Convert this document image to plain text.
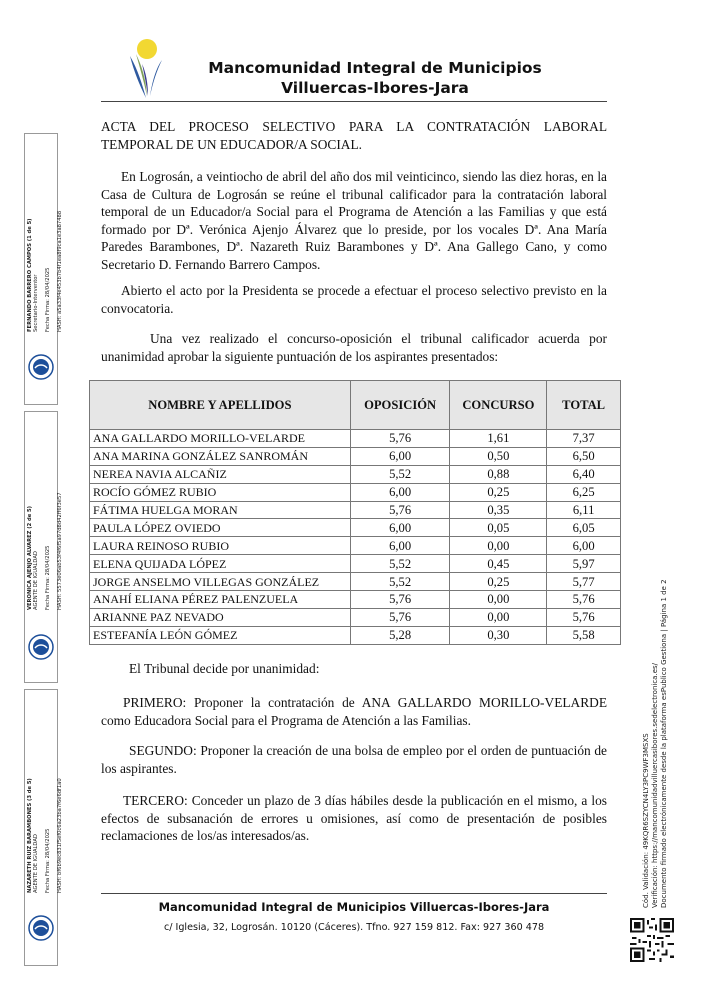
Mancomunidad Integral de Municipios
Villuercas-Ibores-Jara
ACTA DEL PROCESO SELECTIVO PARA LA CONTRATACIÓN LABORAL TEMPORAL DE UN EDUCADOR/A SOCIAL.
En Logrosán, a veintiocho de abril del año dos mil veinticinco, siendo las diez horas, en la Casa de Cultura de Logrosán se reúne el tribunal calificador para la contratación laboral temporal de un Educador/a Social para el Programa de Atención a las Familias y que está formado por Dª. Verónica Ajenjo Álvarez que lo preside, por los vocales Dª. Ana María Paredes Barambones, Dª. Nazareth Ruiz Barambones y Dª. Ana Gallego Cano, y como Secretario D. Fernando Barrero Campos.
Abierto el acto por la Presidenta se procede a efectuar el proceso selectivo previsto en la convocatoria.
Una vez realizado el concurso-oposición el tribunal calificador acuerda por unanimidad aprobar la siguiente puntuación de los aspirantes presentados:
NOMBRE Y APELLIDOS	OPOSICIÓN	CONCURSO	TOTAL
ANA GALLARDO MORILLO-VELARDE	5,76	1,61	7,37
ANA MARINA GONZÁLEZ SANROMÁN	6,00	0,50	6,50
NEREA NAVIA ALCAÑIZ	5,52	0,88	6,40
ROCÍO GÓMEZ RUBIO	6,00	0,25	6,25
FÁTIMA HUELGA MORAN	5,76	0,35	6,11
PAULA LÓPEZ OVIEDO	6,00	0,05	6,05
LAURA REINOSO RUBIO	6,00	0,00	6,00
ELENA QUIJADA LÓPEZ	5,52	0,45	5,97
JORGE ANSELMO VILLEGAS GONZÁLEZ	5,52	0,25	5,77
ANAHÍ ELIANA PÉREZ PALENZUELA	5,76	0,00	5,76
ARIANNE PAZ NEVADO	5,76	0,00	5,76
ESTEFANÍA LEÓN GÓMEZ	5,28	0,30	5,58
El Tribunal decide por unanimidad:
PRIMERO: Proponer la contratación de ANA GALLARDO MORILLO-VELARDE como Educadora Social para el Programa de Atención a las Familias.
SEGUNDO: Proponer la creación de una bolsa de empleo por el orden de puntuación de los aspirantes.
TERCERO: Conceder un plazo de 3 días hábiles desde la publicación en el mismo, a los efectos de subsanación de errores u omisiones, así como de presentación de posibles reclamaciones de los/as interesados/as.
Mancomunidad Integral de Municipios Villuercas-Ibores-Jara
c/ Iglesia, 32, Logrosán. 10120 (Cáceres). Tfno. 927 159 812. Fax: 927 360 478
FERNANDO BARRERO CAMPOS (1 de 5) Secretario-Interventor Fecha Firma: 28/04/2025 HASH: a5a33f4e453b7b4f1ea8f9ca1e3a87488
VERONICA AJENJO ALVAREZ (2 de 5) AGENTE DE IGUALDAD Fecha Firma: 28/04/2025 HASH: 5573e06ab53f4f6f5a97d8d42ff6f3e57
NAZARETH RUIZ BARAMBONES (3 de 5) AGENTE DE IGUALDAD Fecha Firma: 28/04/2025 HASH: bf6b9ec831f5ef0c6a23ba7f6e6df1a0	Cód. Validación: 49KQR6SZYCN4LY3PC9WF3MSXS Verificación: https://mancomunidadvilluercasibores.sedelectronica.es/ Documento firmado electrónicamente desde la plataforma esPublico Gestiona | Página 1 de 2
